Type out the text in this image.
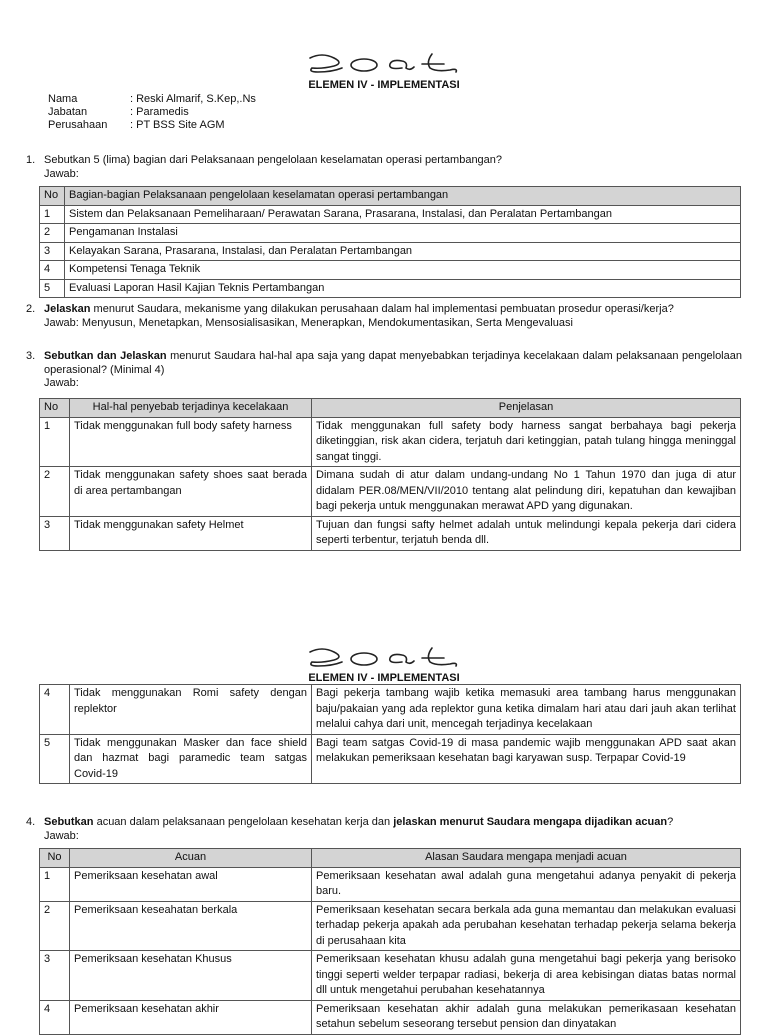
ELEMEN IV - IMPLEMENTASI
Nama	: Reski Almarif, S.Kep,.Ns
Jabatan	: Paramedis
Perusahaan	: PT BSS Site AGM
1. Sebutkan 5 (lima) bagian dari Pelaksanaan pengelolaan keselamatan operasi pertambangan?
Jawab:
No	Bagian-bagian Pelaksanaan pengelolaan keselamatan operasi pertambangan
1	Sistem dan Pelaksanaan Pemeliharaan/ Perawatan Sarana, Prasarana, Instalasi, dan Peralatan Pertambangan
2	Pengamanan Instalasi
3	Kelayakan Sarana, Prasarana, Instalasi, dan Peralatan Pertambangan
4	Kompetensi Tenaga Teknik
5	Evaluasi Laporan Hasil Kajian Teknis Pertambangan
2. Jelaskan menurut Saudara, mekanisme yang dilakukan perusahaan dalam hal implementasi pembuatan prosedur operasi/kerja?
Jawab: Menyusun, Menetapkan, Mensosialisasikan, Menerapkan, Mendokumentasikan, Serta Mengevaluasi
3. Sebutkan dan Jelaskan menurut Saudara hal-hal apa saja yang dapat menyebabkan terjadinya kecelakaan dalam pelaksanaan pengelolaan operasional? (Minimal 4)
Jawab:
No	Hal-hal penyebab terjadinya kecelakaan	Penjelasan
1	Tidak menggunakan full body safety harness	Tidak menggunakan full safety body harness sangat berbahaya bagi pekerja diketinggian, risk akan cidera, terjatuh dari ketinggian, patah tulang hingga meninggal sangat tinggi.
2	Tidak menggunakan safety shoes saat berada di area pertambangan	Dimana sudah di atur dalam undang-undang No 1 Tahun 1970 dan juga di atur didalam PER.08/MEN/VII/2010 tentang alat pelindung diri, kepatuhan dan kewajiban bagi pekerja untuk menggunakan merawat APD yang digunakan.
3	Tidak menggunakan safety Helmet	Tujuan dan fungsi safty helmet adalah untuk melindungi kepala pekerja dari cidera seperti terbentur, terjatuh benda dll.
ELEMEN IV - IMPLEMENTASI
4	Tidak menggunakan Romi safety dengan replektor	Bagi pekerja tambang wajib ketika memasuki area tambang harus menggunakan baju/pakaian yang ada replektor guna ketika dimalam hari atau dari jauh akan terlihat melalui cahya dari unit, mencegah terjadinya kecelakaan
5	Tidak menggunakan Masker dan face shield dan hazmat bagi paramedic team satgas Covid-19	Bagi team satgas Covid-19 di masa pandemic wajib menggunakan APD saat akan melakukan pemeriksaan kesehatan bagi karyawan susp. Terpapar Covid-19
4. Sebutkan acuan dalam pelaksanaan pengelolaan kesehatan kerja dan jelaskan menurut Saudara mengapa dijadikan acuan?
Jawab:
No	Acuan	Alasan Saudara mengapa menjadi acuan
1	Pemeriksaan kesehatan awal	Pemeriksaan kesehatan awal adalah guna mengetahui adanya penyakit di pekerja baru.
2	Pemeriksaan keseahatan berkala	Pemeriksaan kesehatan secara berkala ada guna memantau dan melakukan evaluasi terhadap pekerja apakah ada perubahan kesehatan terhadap pekerja selama bekerja di perusahaan kita
3	Pemeriksaan kesehatan Khusus	Pemeriksaan kesehatan khusu adalah guna mengetahui bagi pekerja yang berisoko tinggi seperti welder terpapar radiasi, bekerja di area kebisingan diatas batas normal dll untuk mengetahui perubahan kesehatannya
4	Pemeriksaan kesehatan akhir	Pemeriksaan kesehatan akhir adalah guna melakukan pemerikasaan kesehatan setahun sebelum seseorang tersebut pension dan dinyatakan
